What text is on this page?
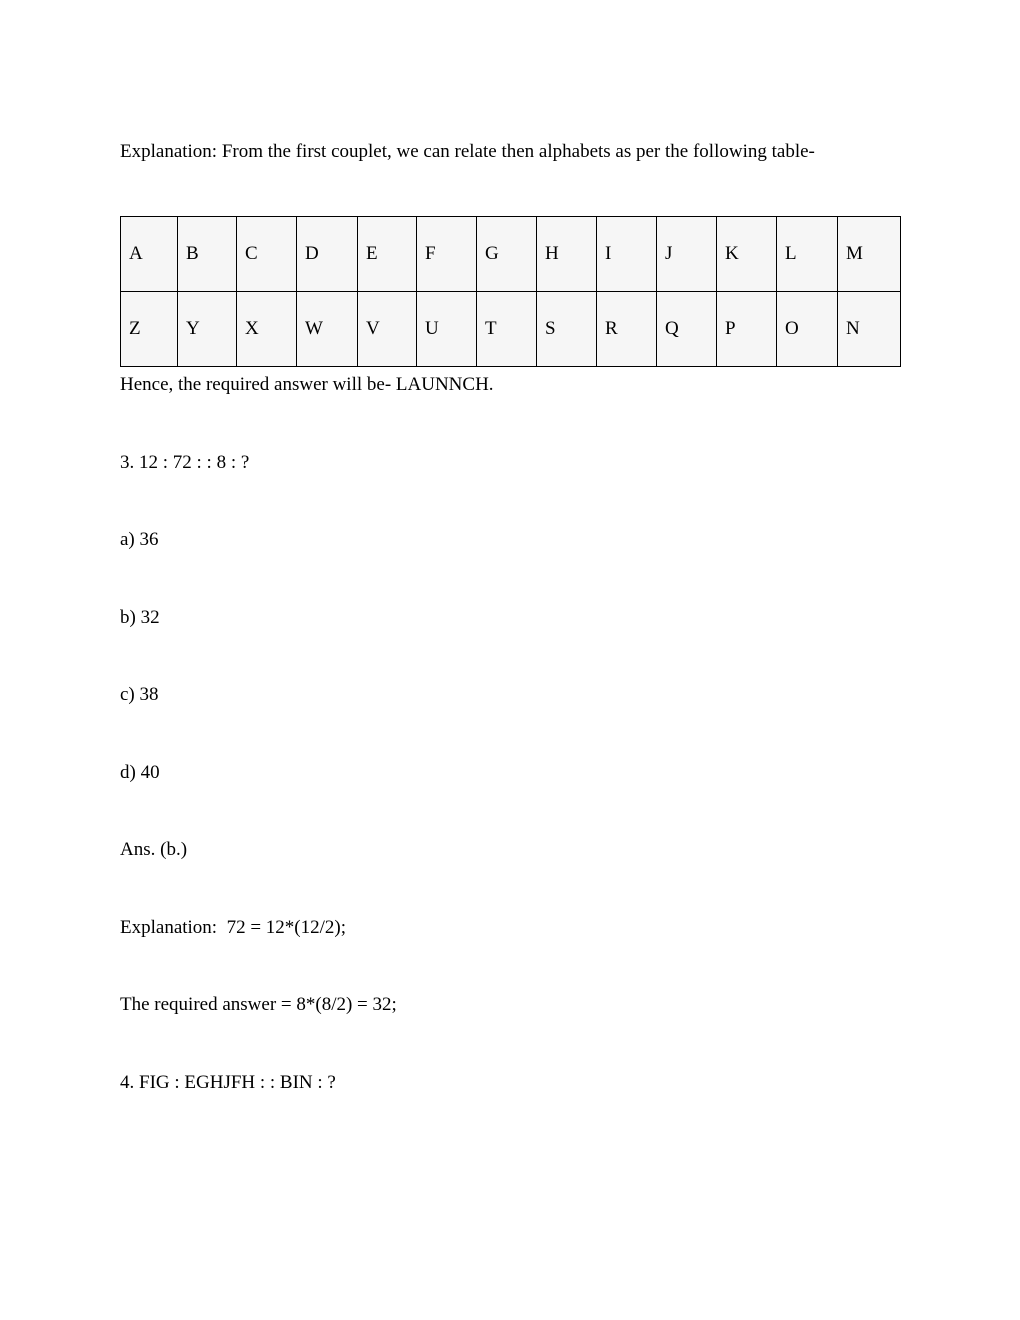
Explanation: From the first couplet, we can relate then alphabets as per the following table-
A	B	C	D	E	F	G	H	I	J	K	L	M
Z	Y	X	W	V	U	T	S	R	Q	P	O	N
Hence, the required answer will be- LAUNNCH.
3. 12 : 72 : : 8 : ?
a) 36
b) 32
c) 38
d) 40
Ans. (b.)
Explanation:  72 = 12*(12/2);
The required answer = 8*(8/2) = 32;
4. FIG : EGHJFH : : BIN : ?
